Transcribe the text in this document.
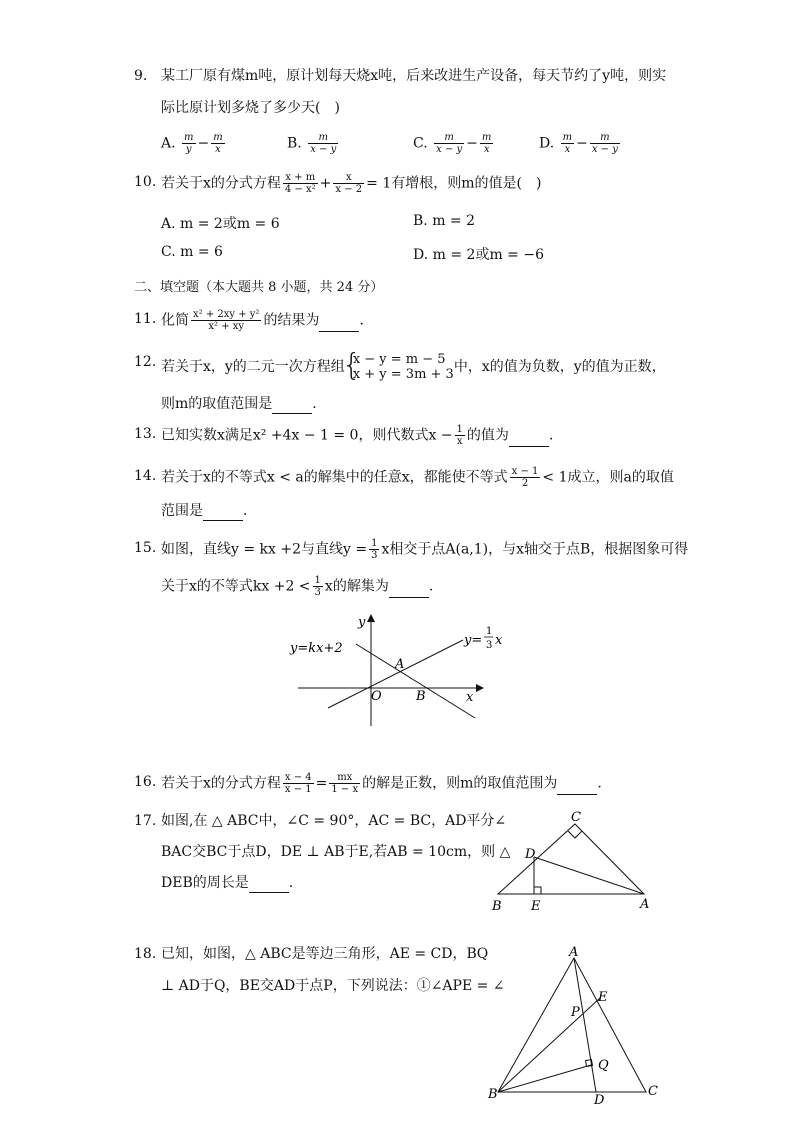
9. 某工厂原有煤m吨，原计划每天烧x吨，后来改进生产设备，每天节约了y吨，则实
际比原计划多烧了多少天(　)
A. $\frac{m}{y} - \frac{m}{x}$	B. $\frac{m}{x - y}$	C. $\frac{m}{x - y} - \frac{m}{x}$	D. $\frac{m}{x} - \frac{m}{x - y}$
10. 若关于x的分式方程 $\frac{x + m}{\text{4 − x²}} + \frac{x}{x - 2} = 1$有增根，则m的值是(　)
A. m = 2或m = 6	B. m = 2
C. m = 6	D. m = 2或m = −6
二、填空题（本大题共 8 小题，共 24 分）
11. 化简 $\frac{\text{x² + 2xy + y²}}{\text{x² + xy}}$ 的结果为	.
12. 若关于x，y的二元一次方程组
{ x − y = m − 5
x + y = 3m + 3 中，x的值为负数，y的值为正数，
则m的取值范围是	.
13. 已知实数x满足x² +4x − 1 = 0，则代数式$x - \frac{1}{x}$ 的值为	.
14. 若关于x的不等式x < a的解集中的任意x，都能使不等式 $\frac{x - 1}{2} < 1$成立，则a的取值
范围是	.
15. 如图，直线y = kx +2与直线$y = \frac{1}{3}$ x相交于点A(a,1)，与x轴交于点B，根据图象可得
关于x的不等式kx $+2 < \frac{1}{3}$ x的解集为	.
y=kx+2
y=
1
3 x
A
B
O	x
y
16. 若关于x的分式方程 $\frac{x - 4}{x - 1} = \frac{mx}{1 - x}$ 的解是正数，则m的取值范围为	.
17. 如图,在 △ ABC中，∠C = 90°，AC = BC，AD平分∠
BAC交BC于点D，DE ⊥ AB于E,若AB = 10cm，则 △
DEB的周长是	.
C
D
B E	A
18. 已知，如图，△ ABC是等边三角形，AE = CD，BQ
⊥ AD于Q，BE交AD于点P，下列说法：①∠APE = ∠
A
E
P
Q
B	D
C
